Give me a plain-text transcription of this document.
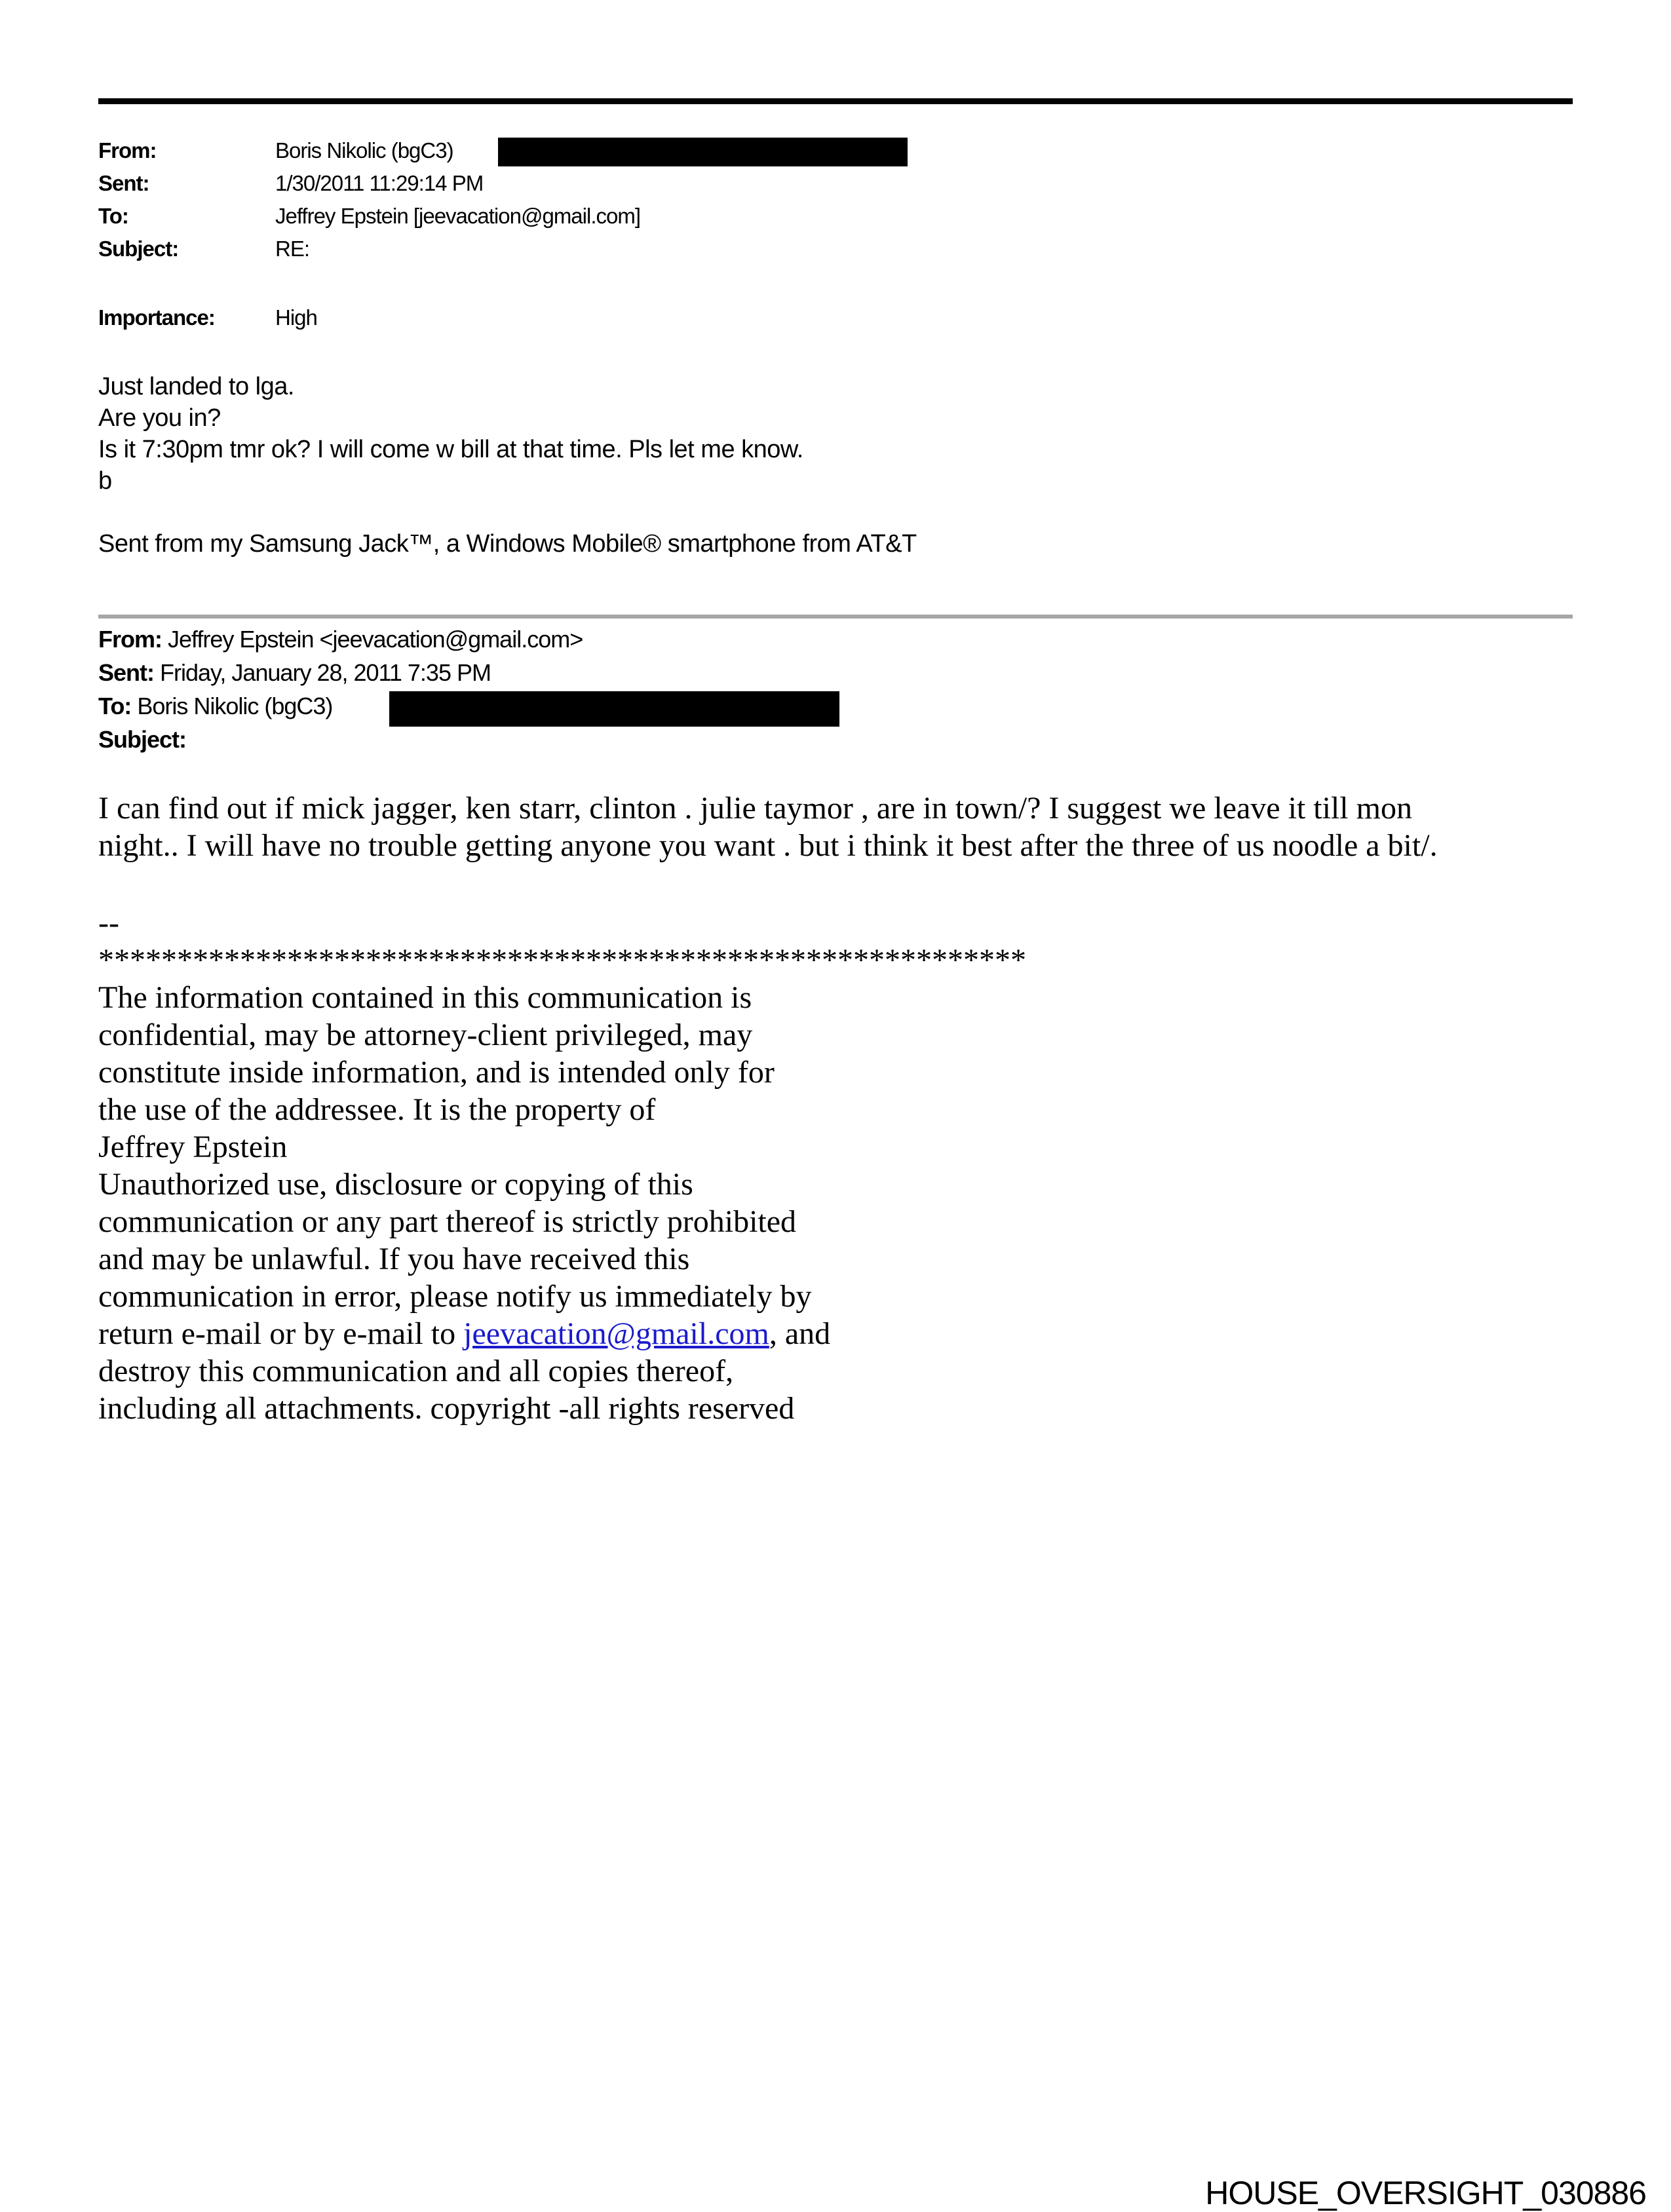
From:	Boris Nikolic (bgC3)
Sent:	1/30/2011 11:29:14 PM
To:	Jeffrey Epstein [jeevacation@gmail.com]
Subject:	RE:
Importance:	High
Just landed to lga.
Are you in?
Is it 7:30pm tmr ok? I will come w bill at that time. Pls let me know.
b
Sent from my Samsung Jack™, a Windows Mobile® smartphone from AT&T
From: Jeffrey Epstein <jeevacation@gmail.com>
Sent: Friday, January 28, 2011 7:35 PM
To: Boris Nikolic (bgC3)
Subject:
I can find out if mick jagger, ken starr, clinton . julie taymor , are in town/? I suggest we leave it till mon
night.. I will have no trouble getting anyone you want . but i think it best after the three of us noodle a bit/.
--
***********************************************************
The information contained in this communication is
confidential, may be attorney-client privileged, may
constitute inside information, and is intended only for
the use of the addressee. It is the property of
Jeffrey Epstein
Unauthorized use, disclosure or copying of this
communication or any part thereof is strictly prohibited
and may be unlawful. If you have received this
communication in error, please notify us immediately by
return e-mail or by e-mail to jeevacation@gmail.com, and
destroy this communication and all copies thereof,
including all attachments. copyright -all rights reserved
HOUSE_OVERSIGHT_030886
